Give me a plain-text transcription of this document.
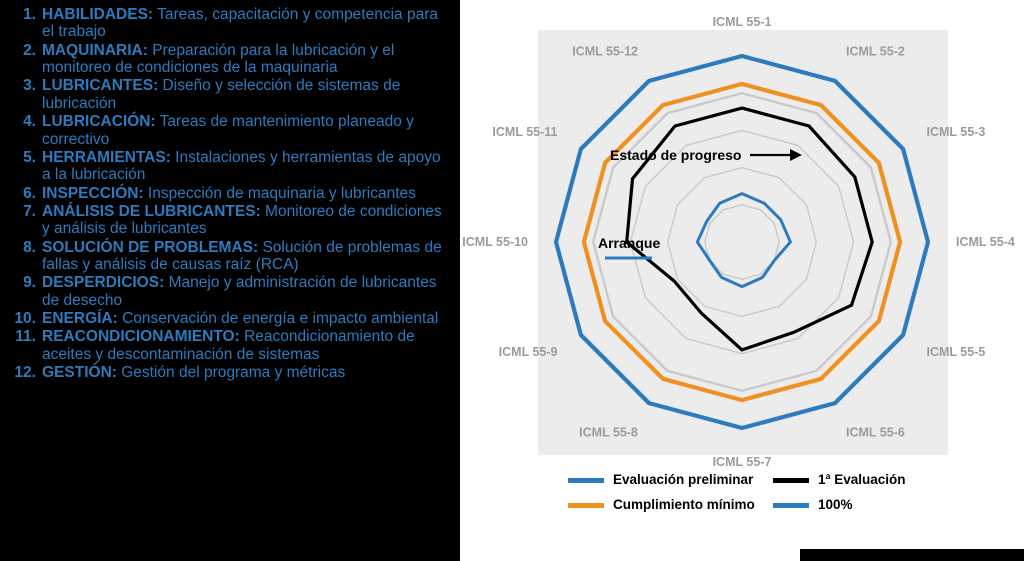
1. HABILIDADES: Tareas, capacitación y competencia para el trabajo
2. MAQUINARIA: Preparación para la lubricación y el monitoreo de condiciones de la maquinaria
3. LUBRICANTES: Diseño y selección de sistemas de lubricación
4. LUBRICACIÓN: Tareas de mantenimiento planeado y correctivo
5. HERRAMIENTAS: Instalaciones y herramientas de apoyo a la lubricación
6. INSPECCIÓN: Inspección de maquinaria y lubricantes
7. ANÁLISIS DE LUBRICANTES: Monitoreo de condiciones y análisis de lubricantes
8. SOLUCIÓN DE PROBLEMAS: Solución de problemas de fallas y análisis de causas raíz (RCA)
9. DESPERDICIOS: Manejo y administración de lubricantes de desecho
10. ENERGÍA: Conservación de energía e impacto ambiental
11. REACONDICIONAMIENTO: Reacondicionamiento de aceites y descontaminación de sistemas
12. GESTIÓN: Gestión del programa y métricas
ICML 55-1
ICML 55-2
ICML 55-3
ICML 55-4
ICML 55-5
ICML 55-6
ICML 55-7
ICML 55-8
ICML 55-9
ICML 55-10
ICML 55-11
ICML 55-12
Estado de progreso
Arranque
Evaluación preliminar	1ª Evaluación
Cumplimiento mínimo	100%
